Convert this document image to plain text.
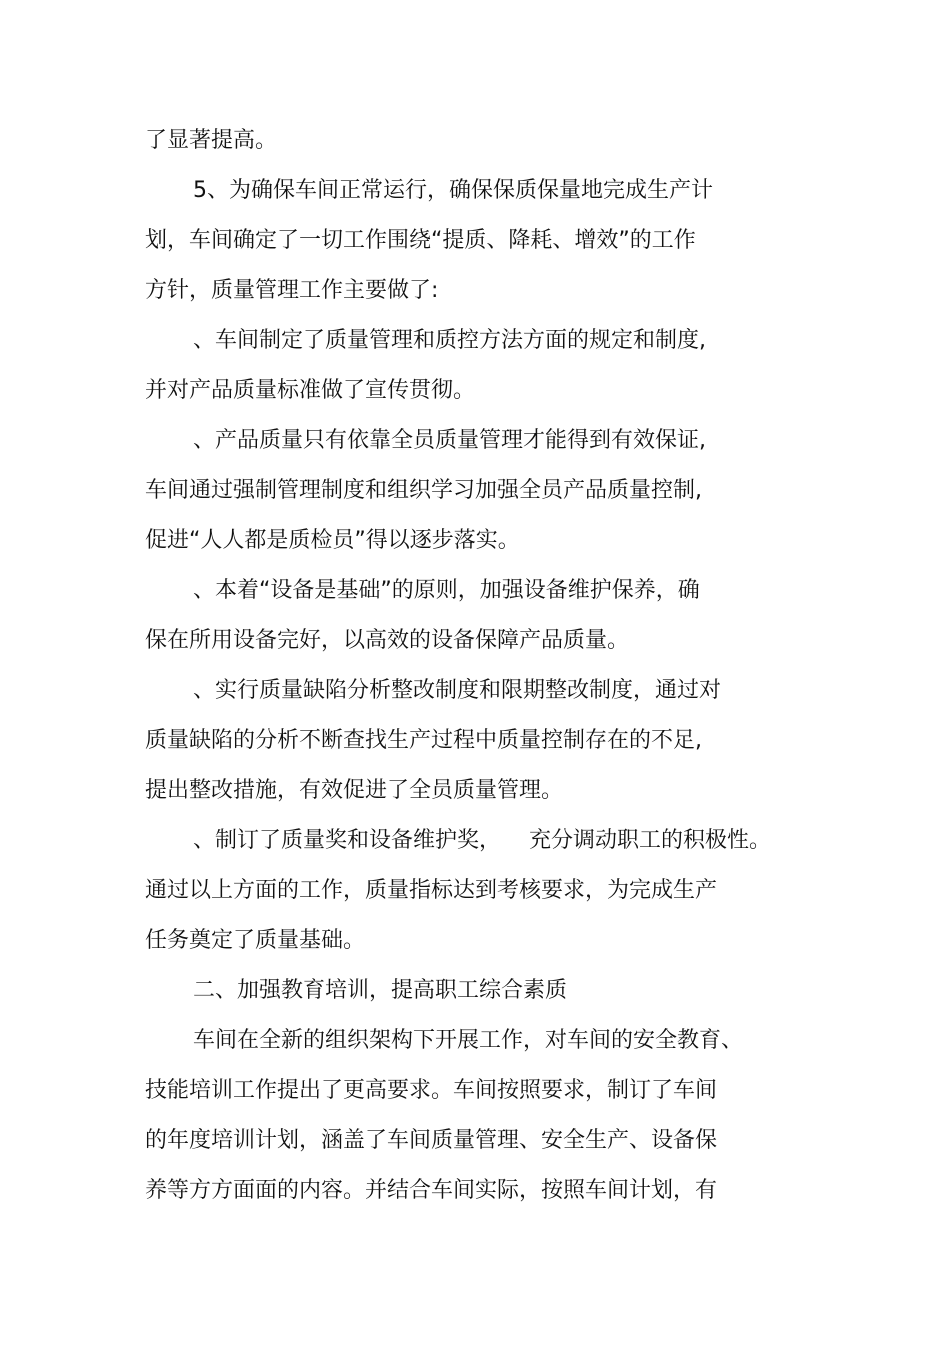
了显著提高。
5、为确保车间正常运行，确保保质保量地完成生产计
划，车间确定了一切工作围绕“提质、降耗、增效”的工作
方针，质量管理工作主要做了:
、车间制定了质量管理和质控方法方面的规定和制度,
并对产品质量标准做了宣传贯彻。
、产品质量只有依靠全员质量管理才能得到有效保证,
车间通过强制管理制度和组织学习加强全员产品质量控制,
促进“人人都是质检员”得以逐步落实。
、本着“设备是基础”的原则，加强设备维护保养，确
保在所用设备完好，以高效的设备保障产品质量。
、实行质量缺陷分析整改制度和限期整改制度，通过对
质量缺陷的分析不断查找生产过程中质量控制存在的不足,
提出整改措施，有效促进了全员质量管理。
、制订了质量奖和设备维护奖，    充分调动职工的积极性。
通过以上方面的工作，质量指标达到考核要求，为完成生产
任务奠定了质量基础。
二、加强教育培训，提高职工综合素质
车间在全新的组织架构下开展工作，对车间的安全教育、
技能培训工作提出了更高要求。车间按照要求，制订了车间
的年度培训计划，涵盖了车间质量管理、安全生产、设备保
养等方方面面的内容。并结合车间实际，按照车间计划，有
